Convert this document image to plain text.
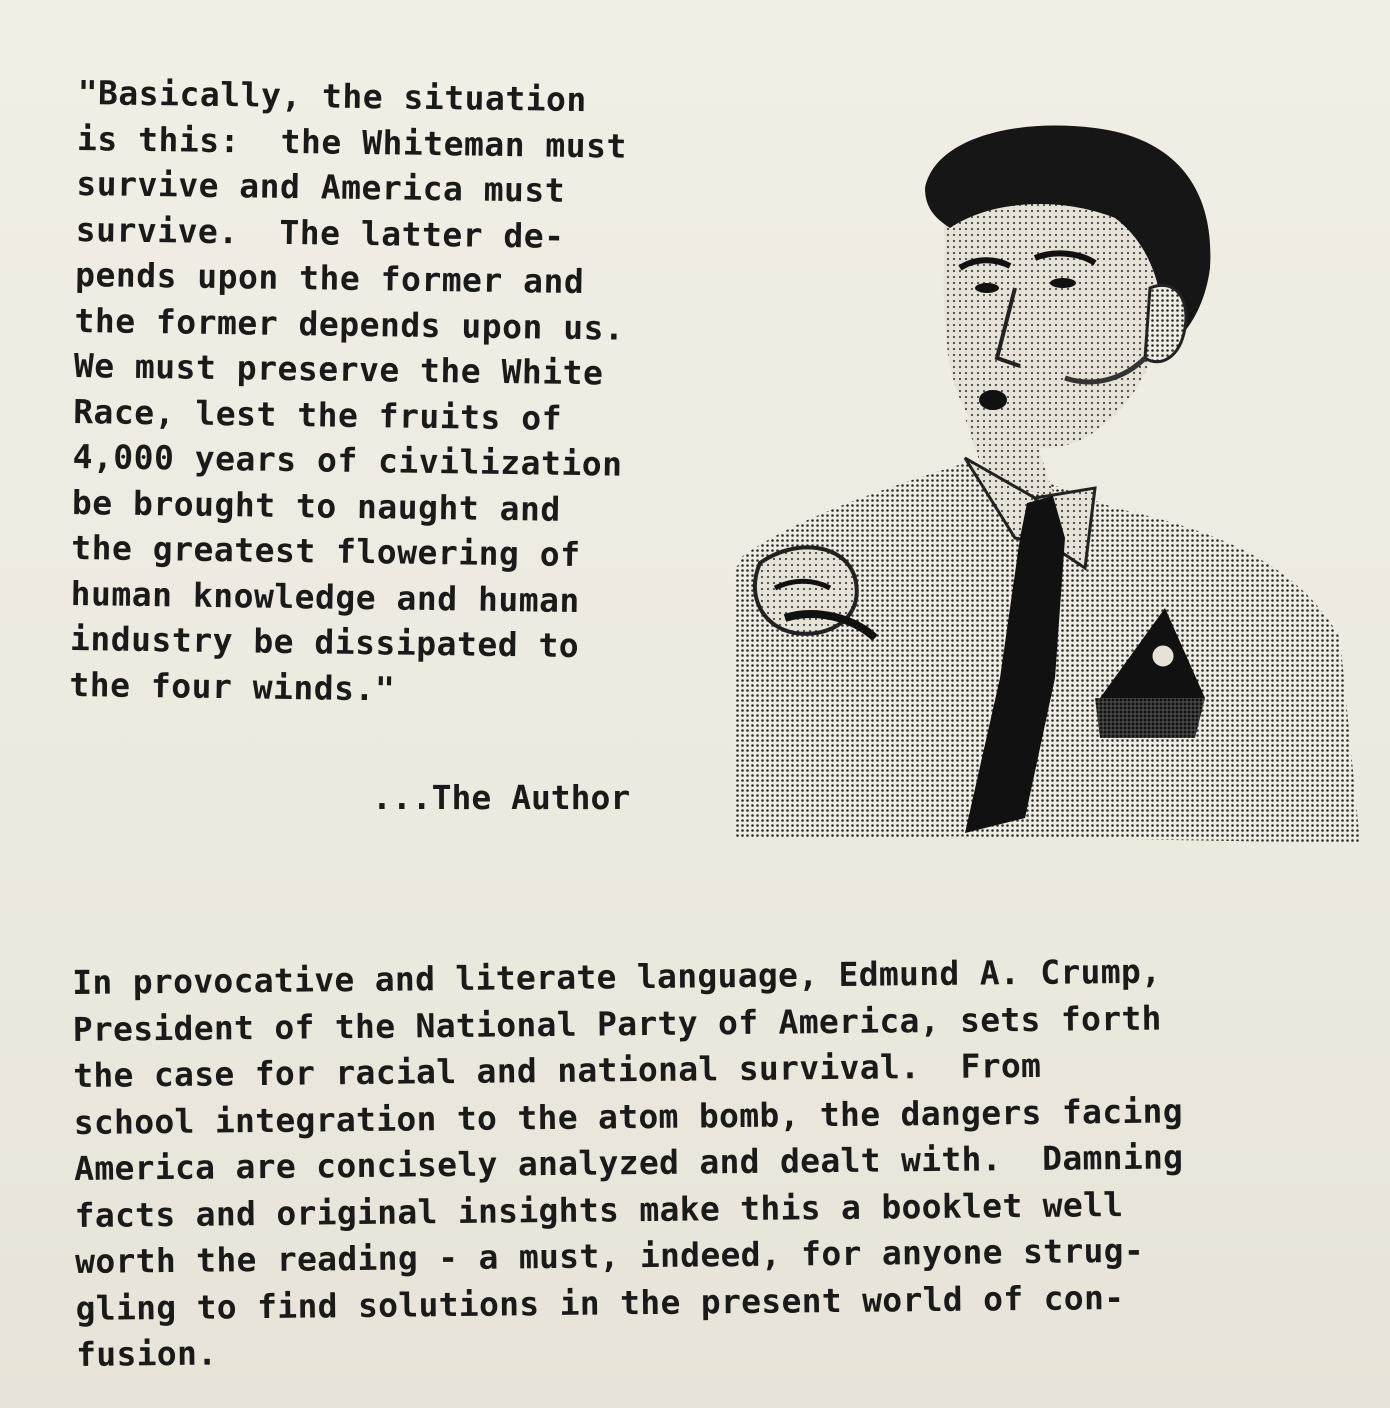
"Basically, the situation
is this:  the Whiteman must
survive and America must
survive.  The latter de-
pends upon the former and
the former depends upon us.
We must preserve the White
Race, lest the fruits of
4,000 years of civilization
be brought to naught and
the greatest flowering of
human knowledge and human
industry be dissipated to
the four winds."
...The Author
In provocative and literate language, Edmund A. Crump,
President of the National Party of America, sets forth
the case for racial and national survival.  From
school integration to the atom bomb, the dangers facing
America are concisely analyzed and dealt with.  Damning
facts and original insights make this a booklet well
worth the reading - a must, indeed, for anyone strug-
gling to find solutions in the present world of con-
fusion.
